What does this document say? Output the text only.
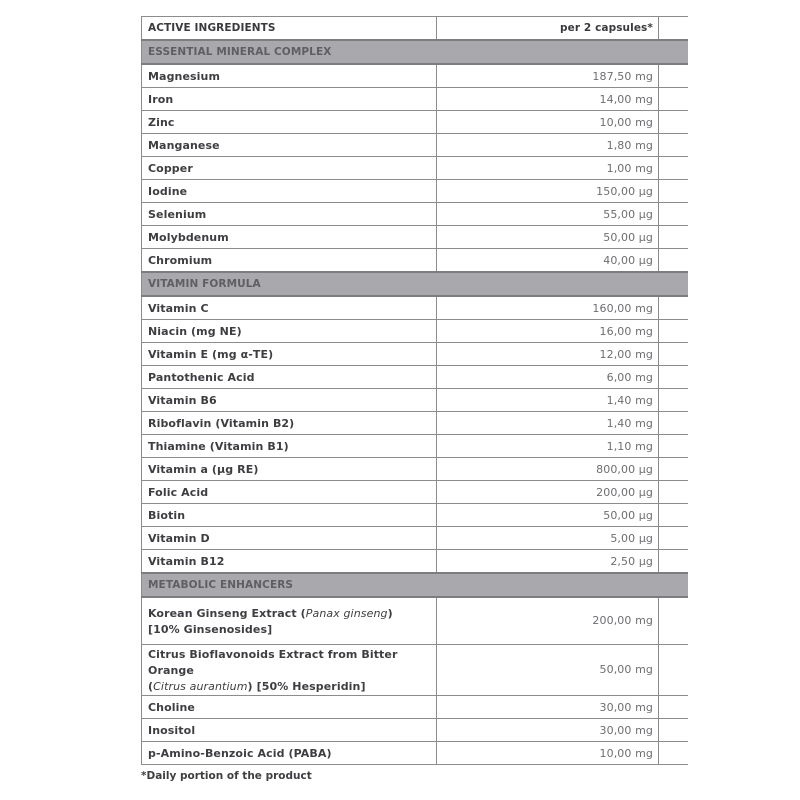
ACTIVE INGREDIENTS	per 2 capsules*	
ESSENTIAL MINERAL COMPLEX		
Magnesium	187,50 mg	
Iron	14,00 mg	
Zinc	10,00 mg	
Manganese	1,80 mg	
Copper	1,00 mg	
Iodine	150,00 µg	
Selenium	55,00 µg	
Molybdenum	50,00 µg	
Chromium	40,00 µg	
VITAMIN FORMULA		
Vitamin C	160,00 mg	
Niacin (mg NE)	16,00 mg	
Vitamin E (mg α-TE)	12,00 mg	
Pantothenic Acid	6,00 mg	
Vitamin B6	1,40 mg	
Riboflavin (Vitamin B2)	1,40 mg	
Thiamine (Vitamin B1)	1,10 mg	
Vitamin a (µg RE)	800,00 µg	
Folic Acid	200,00 µg	
Biotin	50,00 µg	
Vitamin D	5,00 µg	
Vitamin B12	2,50 µg	
METABOLIC ENHANCERS		
Korean Ginseng Extract (Panax ginseng)
[10% Ginsenosides]	200,00 mg	
Citrus Bioflavonoids Extract from Bitter Orange
(Citrus aurantium) [50% Hesperidin]	50,00 mg	
Choline	30,00 mg	
Inositol	30,00 mg	
p-Amino-Benzoic Acid (PABA)	10,00 mg	
*Daily portion of the product
